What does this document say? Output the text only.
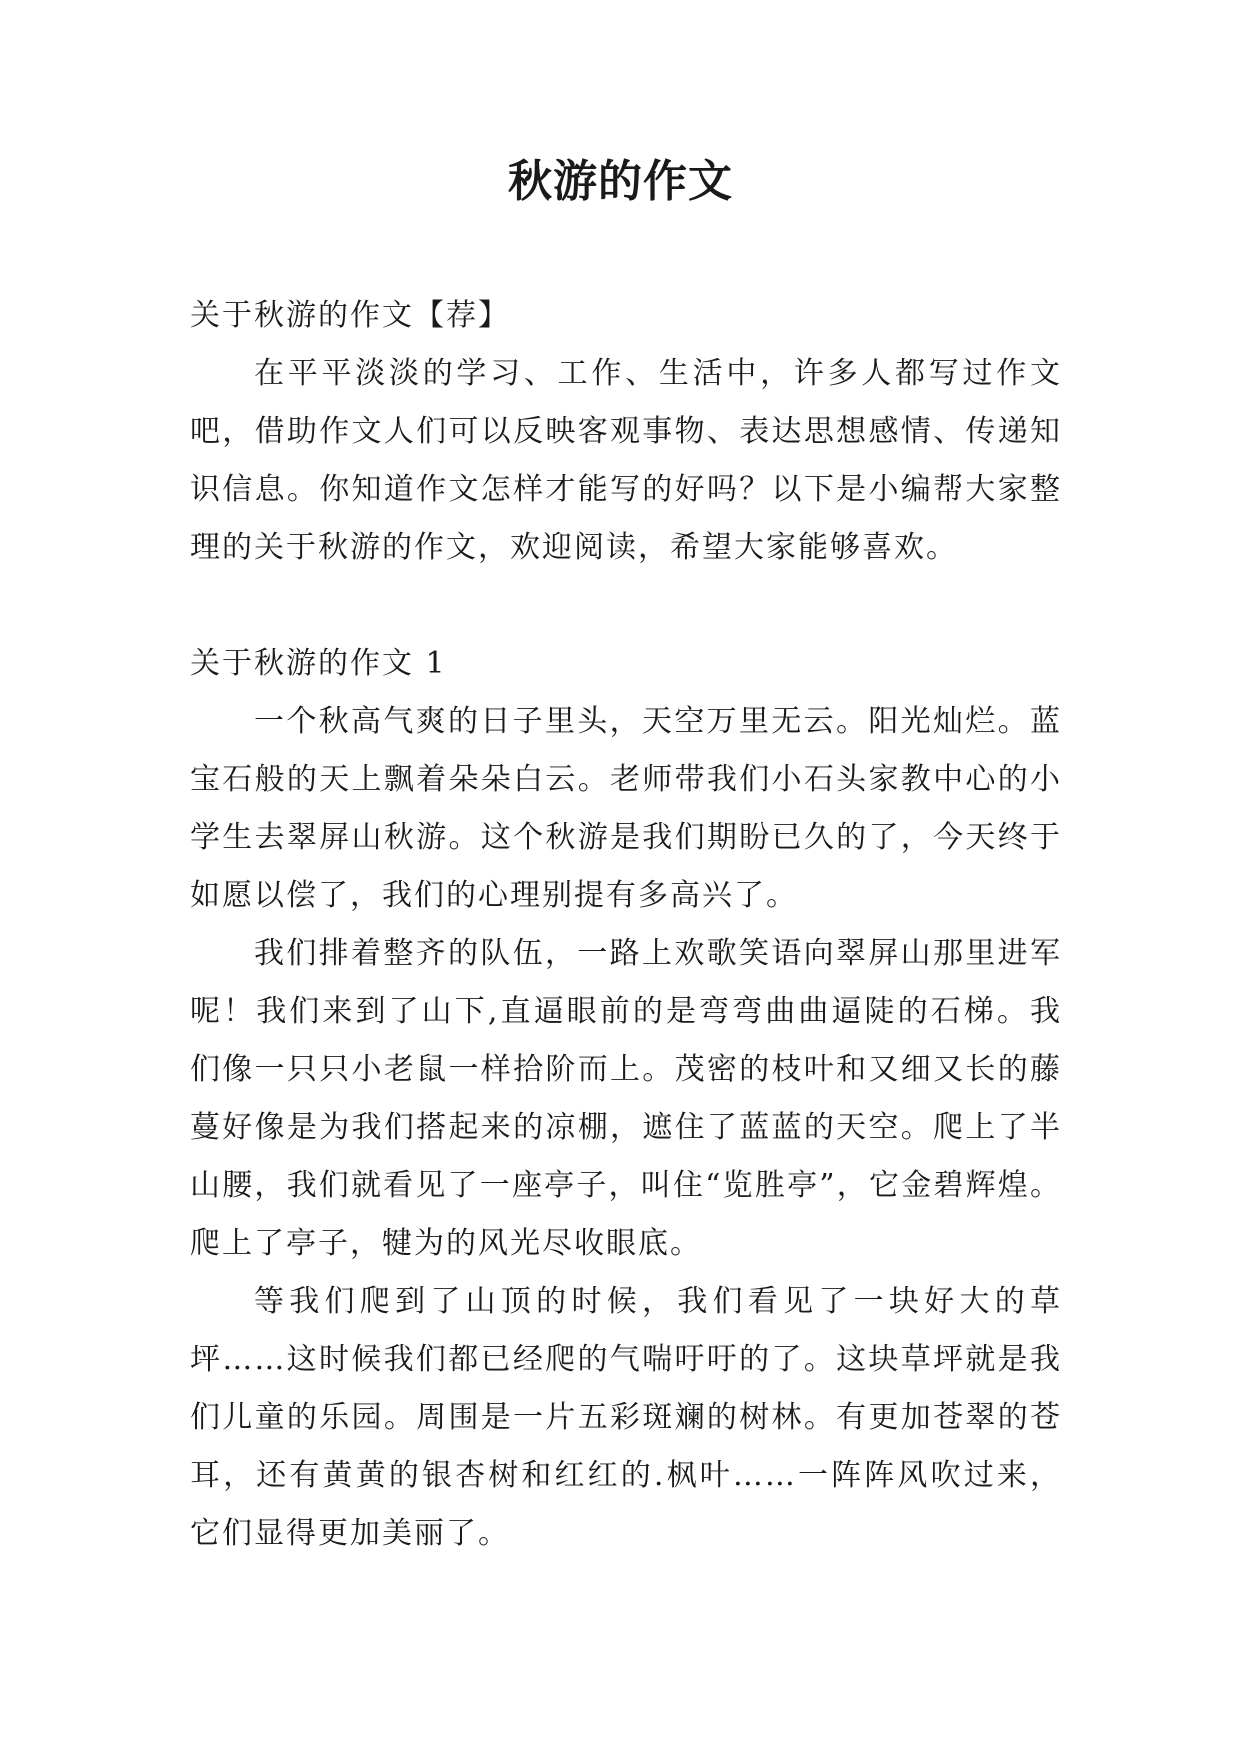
秋游的作文

关于秋游的作文【荐】

在平平淡淡的学习、工作、生活中，许多人都写过作文吧，借助作文人们可以反映客观事物、表达思想感情、传递知识信息。你知道作文怎样才能写的好吗？以下是小编帮大家整理的关于秋游的作文，欢迎阅读，希望大家能够喜欢。

关于秋游的作文 1

一个秋高气爽的日子里头，天空万里无云。阳光灿烂。蓝宝石般的天上飘着朵朵白云。老师带我们小石头家教中心的小学生去翠屏山秋游。这个秋游是我们期盼已久的了，今天终于如愿以偿了，我们的心理别提有多高兴了。

我们排着整齐的队伍，一路上欢歌笑语向翠屏山那里进军呢！我们来到了山下,直逼眼前的是弯弯曲曲逼陡的石梯。我们像一只只小老鼠一样拾阶而上。茂密的枝叶和又细又长的藤蔓好像是为我们搭起来的凉棚，遮住了蓝蓝的天空。爬上了半山腰，我们就看见了一座亭子，叫住“览胜亭”，它金碧辉煌。爬上了亭子，犍为的风光尽收眼底。

等我们爬到了山顶的时候，我们看见了一块好大的草坪……这时候我们都已经爬的气喘吁吁的了。这块草坪就是我们儿童的乐园。周围是一片五彩斑斓的树林。有更加苍翠的苍耳，还有黄黄的银杏树和红红的.枫叶……一阵阵风吹过来，它们显得更加美丽了。
